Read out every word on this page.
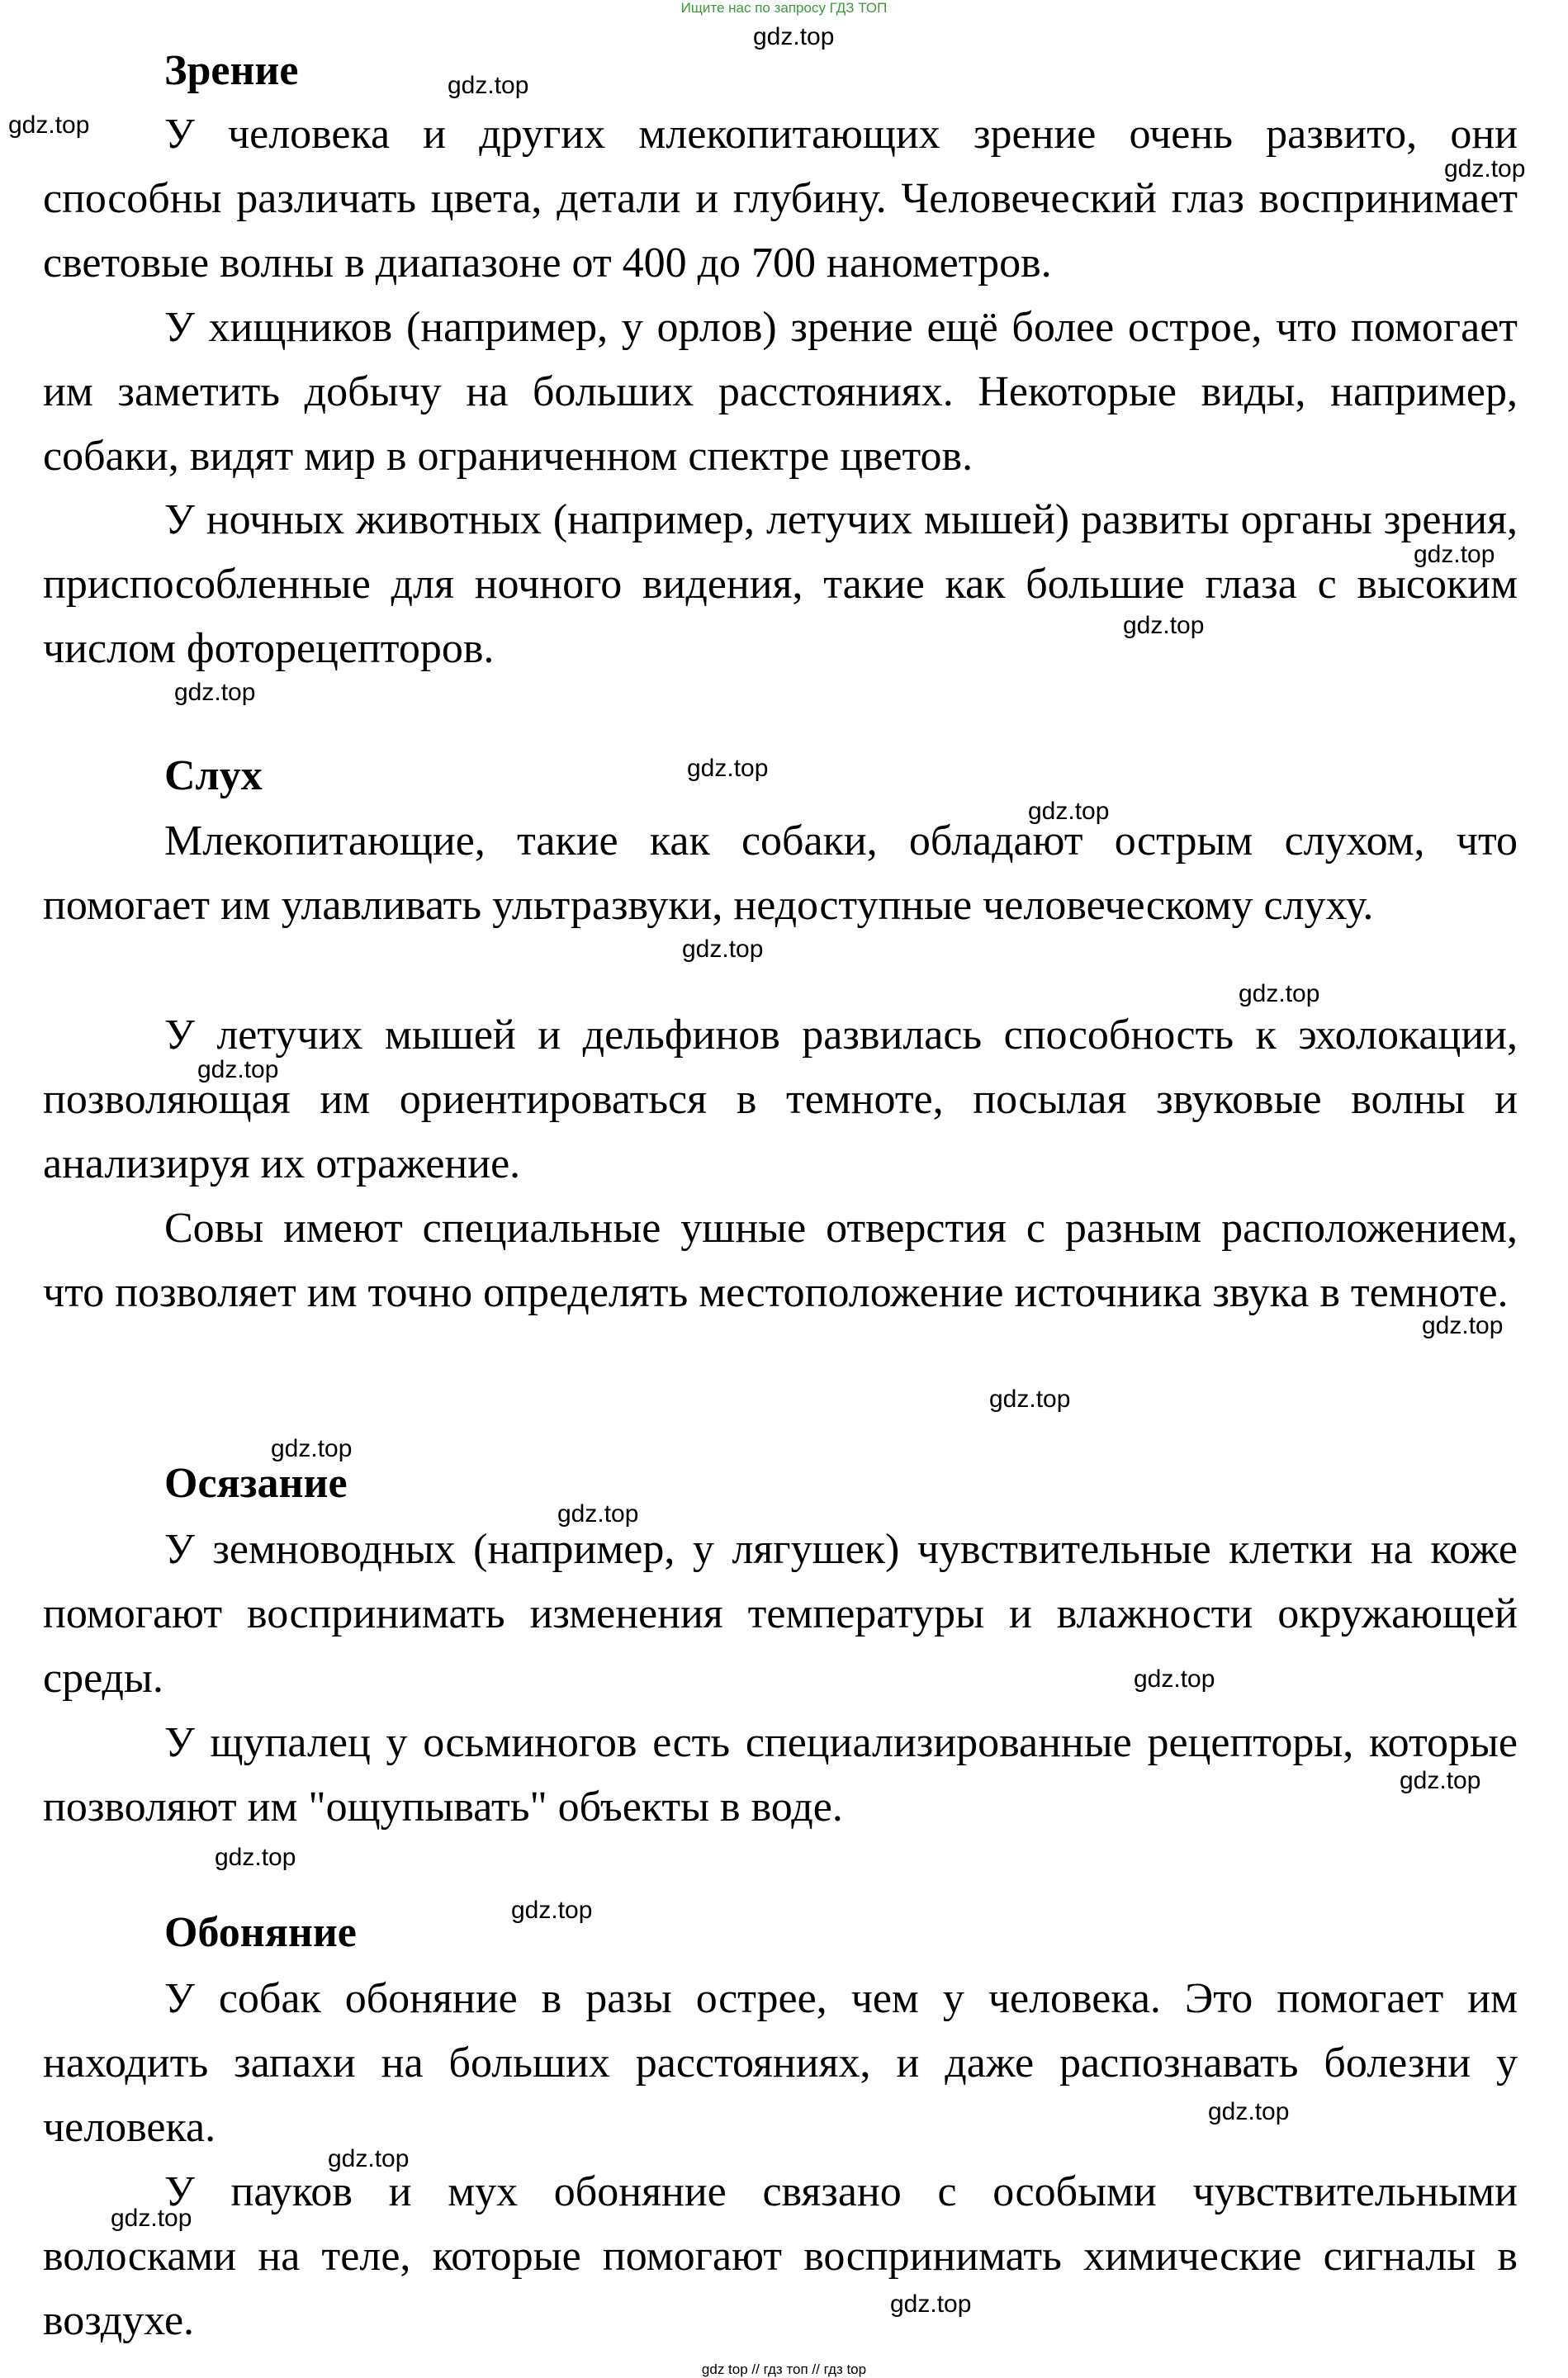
Ищите нас по запросу ГДЗ ТОП
Зрение

У человека и других млекопитающих зрение очень развито, они способны различать цвета, детали и глубину. Человеческий глаз воспринимает световые волны в диапазоне от 400 до 700 нанометров.

У хищников (например, у орлов) зрение ещё более острое, что помогает им заметить добычу на больших расстояниях. Некоторые виды, например, собаки, видят мир в ограниченном спектре цветов.

У ночных животных (например, летучих мышей) развиты органы зрения, приспособленные для ночного видения, такие как большие глаза с высоким числом фоторецепторов.

Слух

Млекопитающие, такие как собаки, обладают острым слухом, что помогает им улавливать ультразвуки, недоступные человеческому слуху.

У летучих мышей и дельфинов развилась способность к эхолокации, позволяющая им ориентироваться в темноте, посылая звуковые волны и анализируя их отражение.

Совы имеют специальные ушные отверстия с разным расположением, что позволяет им точно определять местоположение источника звука в темноте.

Осязание

У земноводных (например, у лягушек) чувствительные клетки на коже помогают воспринимать изменения температуры и влажности окружающей среды.

У щупалец у осьминогов есть специализированные рецепторы, которые позволяют им "ощупывать" объекты в воде.

Обоняние

У собак обоняние в разы острее, чем у человека. Это помогает им находить запахи на больших расстояниях, и даже распознавать болезни у человека.

У пауков и мух обоняние связано с особыми чувствительными волосками на теле, которые помогают воспринимать химические сигналы в воздухе.

gdz.top
gdz.top
gdz.top
gdz.top
gdz.top
gdz.top
gdz.top
gdz.top
gdz.top
gdz.top
gdz.top
gdz.top
gdz.top
gdz.top
gdz.top
gdz.top
gdz.top
gdz.top
gdz.top
gdz.top
gdz.top
gdz.top
gdz.top
gdz.top
gdz top // гдз топ // гдз top
